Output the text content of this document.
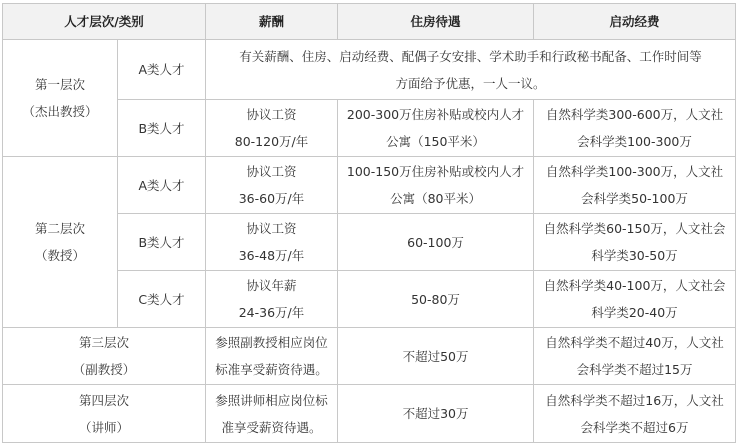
人才层次/类别		薪酬	住房待遇	启动经费

第一层次
（杰出教授）	A类人才	有关薪酬、住房、启动经费、配偶子女安排、学术助手和行政秘书配备、工作时间等
方面给予优惠，一人一议。		

	B类人才	协议工资
80-120万/年	200-300万住房补贴或校内人才
公寓（150平米）	自然科学类300-600万，人文社
会科学类100-300万

第二层次
（教授）	A类人才	协议工资
36-60万/年	100-150万住房补贴或校内人才
公寓（80平米）	自然科学类100-300万，人文社
会科学类50-100万

	B类人才	协议工资
36-48万/年	60-100万	自然科学类60-150万，人文社会
科学类30-50万

	C类人才	协议年薪
24-36万/年	50-80万	自然科学类40-100万，人文社会
科学类20-40万

第三层次
（副教授）		参照副教授相应岗位
标准享受薪资待遇。	不超过50万	自然科学类不超过40万，人文社
会科学类不超过15万

第四层次
（讲师）		参照讲师相应岗位标
准享受薪资待遇。	不超过30万	自然科学类不超过16万，人文社
会科学类不超过6万
